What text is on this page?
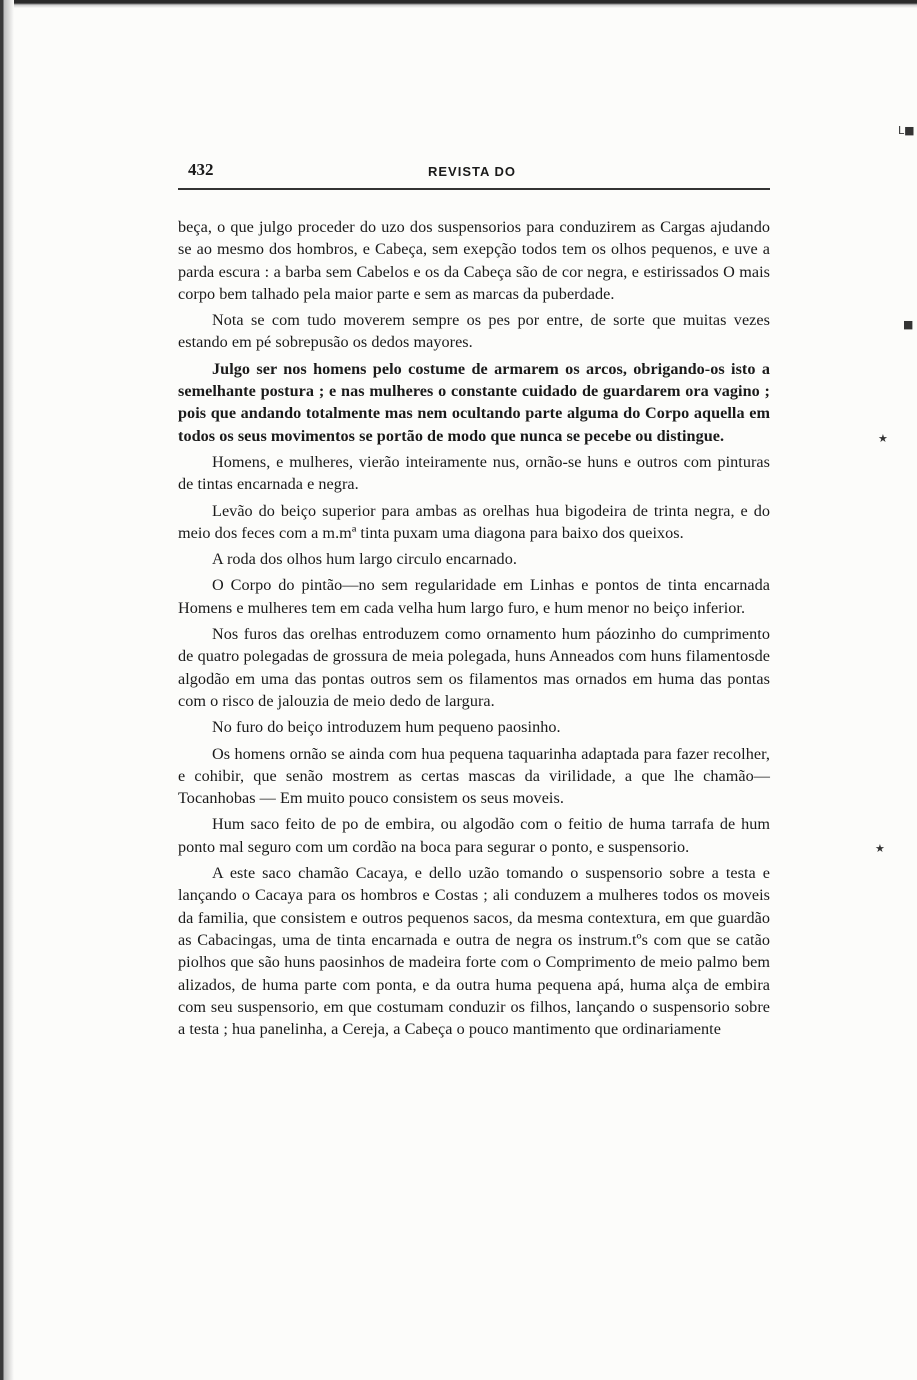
L■
■
★
★
432	REVISTA DO

beça, o que julgo proceder do uzo dos suspensorios para conduzirem as Cargas ajudando se ao mesmo dos hombros, e Cabeça, sem exepção todos tem os olhos pequenos, e uve a parda escura : a barba sem Cabelos e os da Cabeça são de cor negra, e estirissados O mais corpo bem talhado pela maior parte e sem as marcas da puberdade.

Nota se com tudo moverem sempre os pes por entre, de sorte que muitas vezes estando em pé sobrepusão os dedos mayores.

Julgo ser nos homens pelo costume de armarem os arcos, obrigando-os isto a semelhante postura ; e nas mulheres o constante cuidado de guardarem ora vagino ; pois que andando totalmente mas nem ocultando parte alguma do Corpo aquella em todos os seus movimentos se portão de modo que nunca se pecebe ou distingue.

Homens, e mulheres, vierão inteiramente nus, ornão-se huns e outros com pinturas de tintas encarnada e negra.

Levão do beiço superior para ambas as orelhas hua bigodeira de trinta negra, e do meio dos feces com a m.mª tinta puxam uma diagona para baixo dos queixos.

A roda dos olhos hum largo circulo encarnado.

O Corpo do pintão—no sem regularidade em Linhas e pontos de tinta encarnada Homens e mulheres tem em cada velha hum largo furo, e hum menor no beiço inferior.

Nos furos das orelhas entroduzem como ornamento hum páozinho do cumprimento de quatro polegadas de grossura de meia polegada, huns Anneados com huns filamentosde algodão em uma das pontas outros sem os filamentos mas ornados em huma das pontas com o risco de jalouzia de meio dedo de largura.

No furo do beiço introduzem hum pequeno paosinho.

Os homens ornão se ainda com hua pequena taquarinha adaptada para fazer recolher, e cohibir, que senão mostrem as certas mascas da virilidade, a que lhe chamão—Tocanhobas — Em muito pouco consistem os seus moveis.

Hum saco feito de po de embira, ou algodão com o feitio de huma tarrafa de hum ponto mal seguro com um cordão na boca para segurar o ponto, e suspensorio.

A este saco chamão Cacaya, e dello uzão tomando o suspensorio sobre a testa e lançando o Cacaya para os hombros e Costas ; ali conduzem a mulheres todos os moveis da familia, que consistem e outros pequenos sacos, da mesma contextura, em que guardão as Cabacingas, uma de tinta encarnada e outra de negra os instrum.tºs com que se catão piolhos que são huns paosinhos de madeira forte com o Comprimento de meio palmo bem alizados, de huma parte com ponta, e da outra huma pequena apá, huma alça de embira com seu suspensorio, em que costumam conduzir os filhos, lançando o suspensorio sobre a testa ; hua panelinha, a Cereja, a Cabeça o pouco mantimento que ordinariamente
